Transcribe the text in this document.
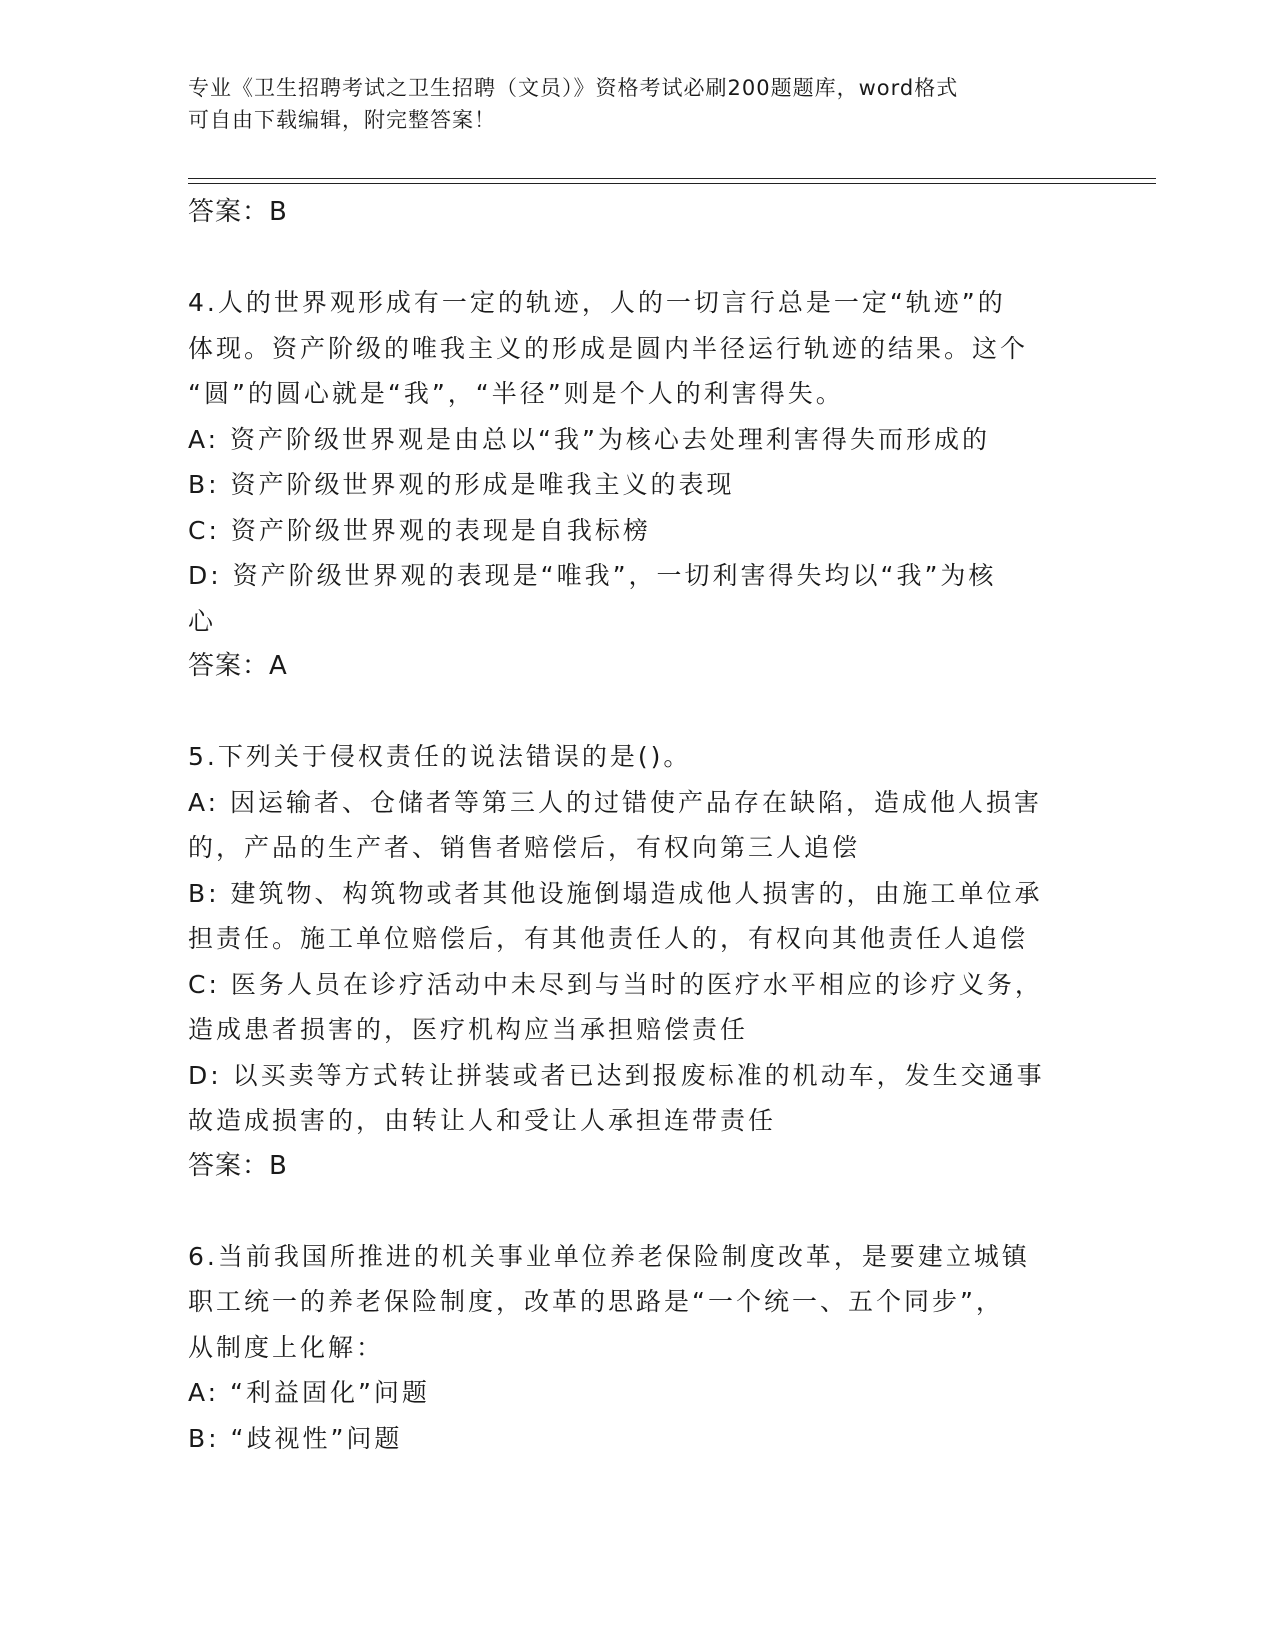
专业《卫生招聘考试之卫生招聘（文员）》资格考试必刷200题题库，word格式
可自由下载编辑，附完整答案！
答案：B
4.人的世界观形成有一定的轨迹，人的一切言行总是一定“轨迹”的
体现。资产阶级的唯我主义的形成是圆内半径运行轨迹的结果。这个
“圆”的圆心就是“我”，“半径”则是个人的利害得失。
A: 资产阶级世界观是由总以“我”为核心去处理利害得失而形成的
B: 资产阶级世界观的形成是唯我主义的表现
C: 资产阶级世界观的表现是自我标榜
D: 资产阶级世界观的表现是“唯我”，一切利害得失均以“我”为核
心
答案：A
5.下列关于侵权责任的说法错误的是()。
A: 因运输者、仓储者等第三人的过错使产品存在缺陷，造成他人损害
的，产品的生产者、销售者赔偿后，有权向第三人追偿
B: 建筑物、构筑物或者其他设施倒塌造成他人损害的，由施工单位承
担责任。施工单位赔偿后，有其他责任人的，有权向其他责任人追偿
C: 医务人员在诊疗活动中未尽到与当时的医疗水平相应的诊疗义务，
造成患者损害的，医疗机构应当承担赔偿责任
D: 以买卖等方式转让拼装或者已达到报废标准的机动车，发生交通事
故造成损害的，由转让人和受让人承担连带责任
答案：B
6.当前我国所推进的机关事业单位养老保险制度改革，是要建立城镇
职工统一的养老保险制度，改革的思路是“一个统一、五个同步”，
从制度上化解：
A: “利益固化”问题
B: “歧视性”问题
